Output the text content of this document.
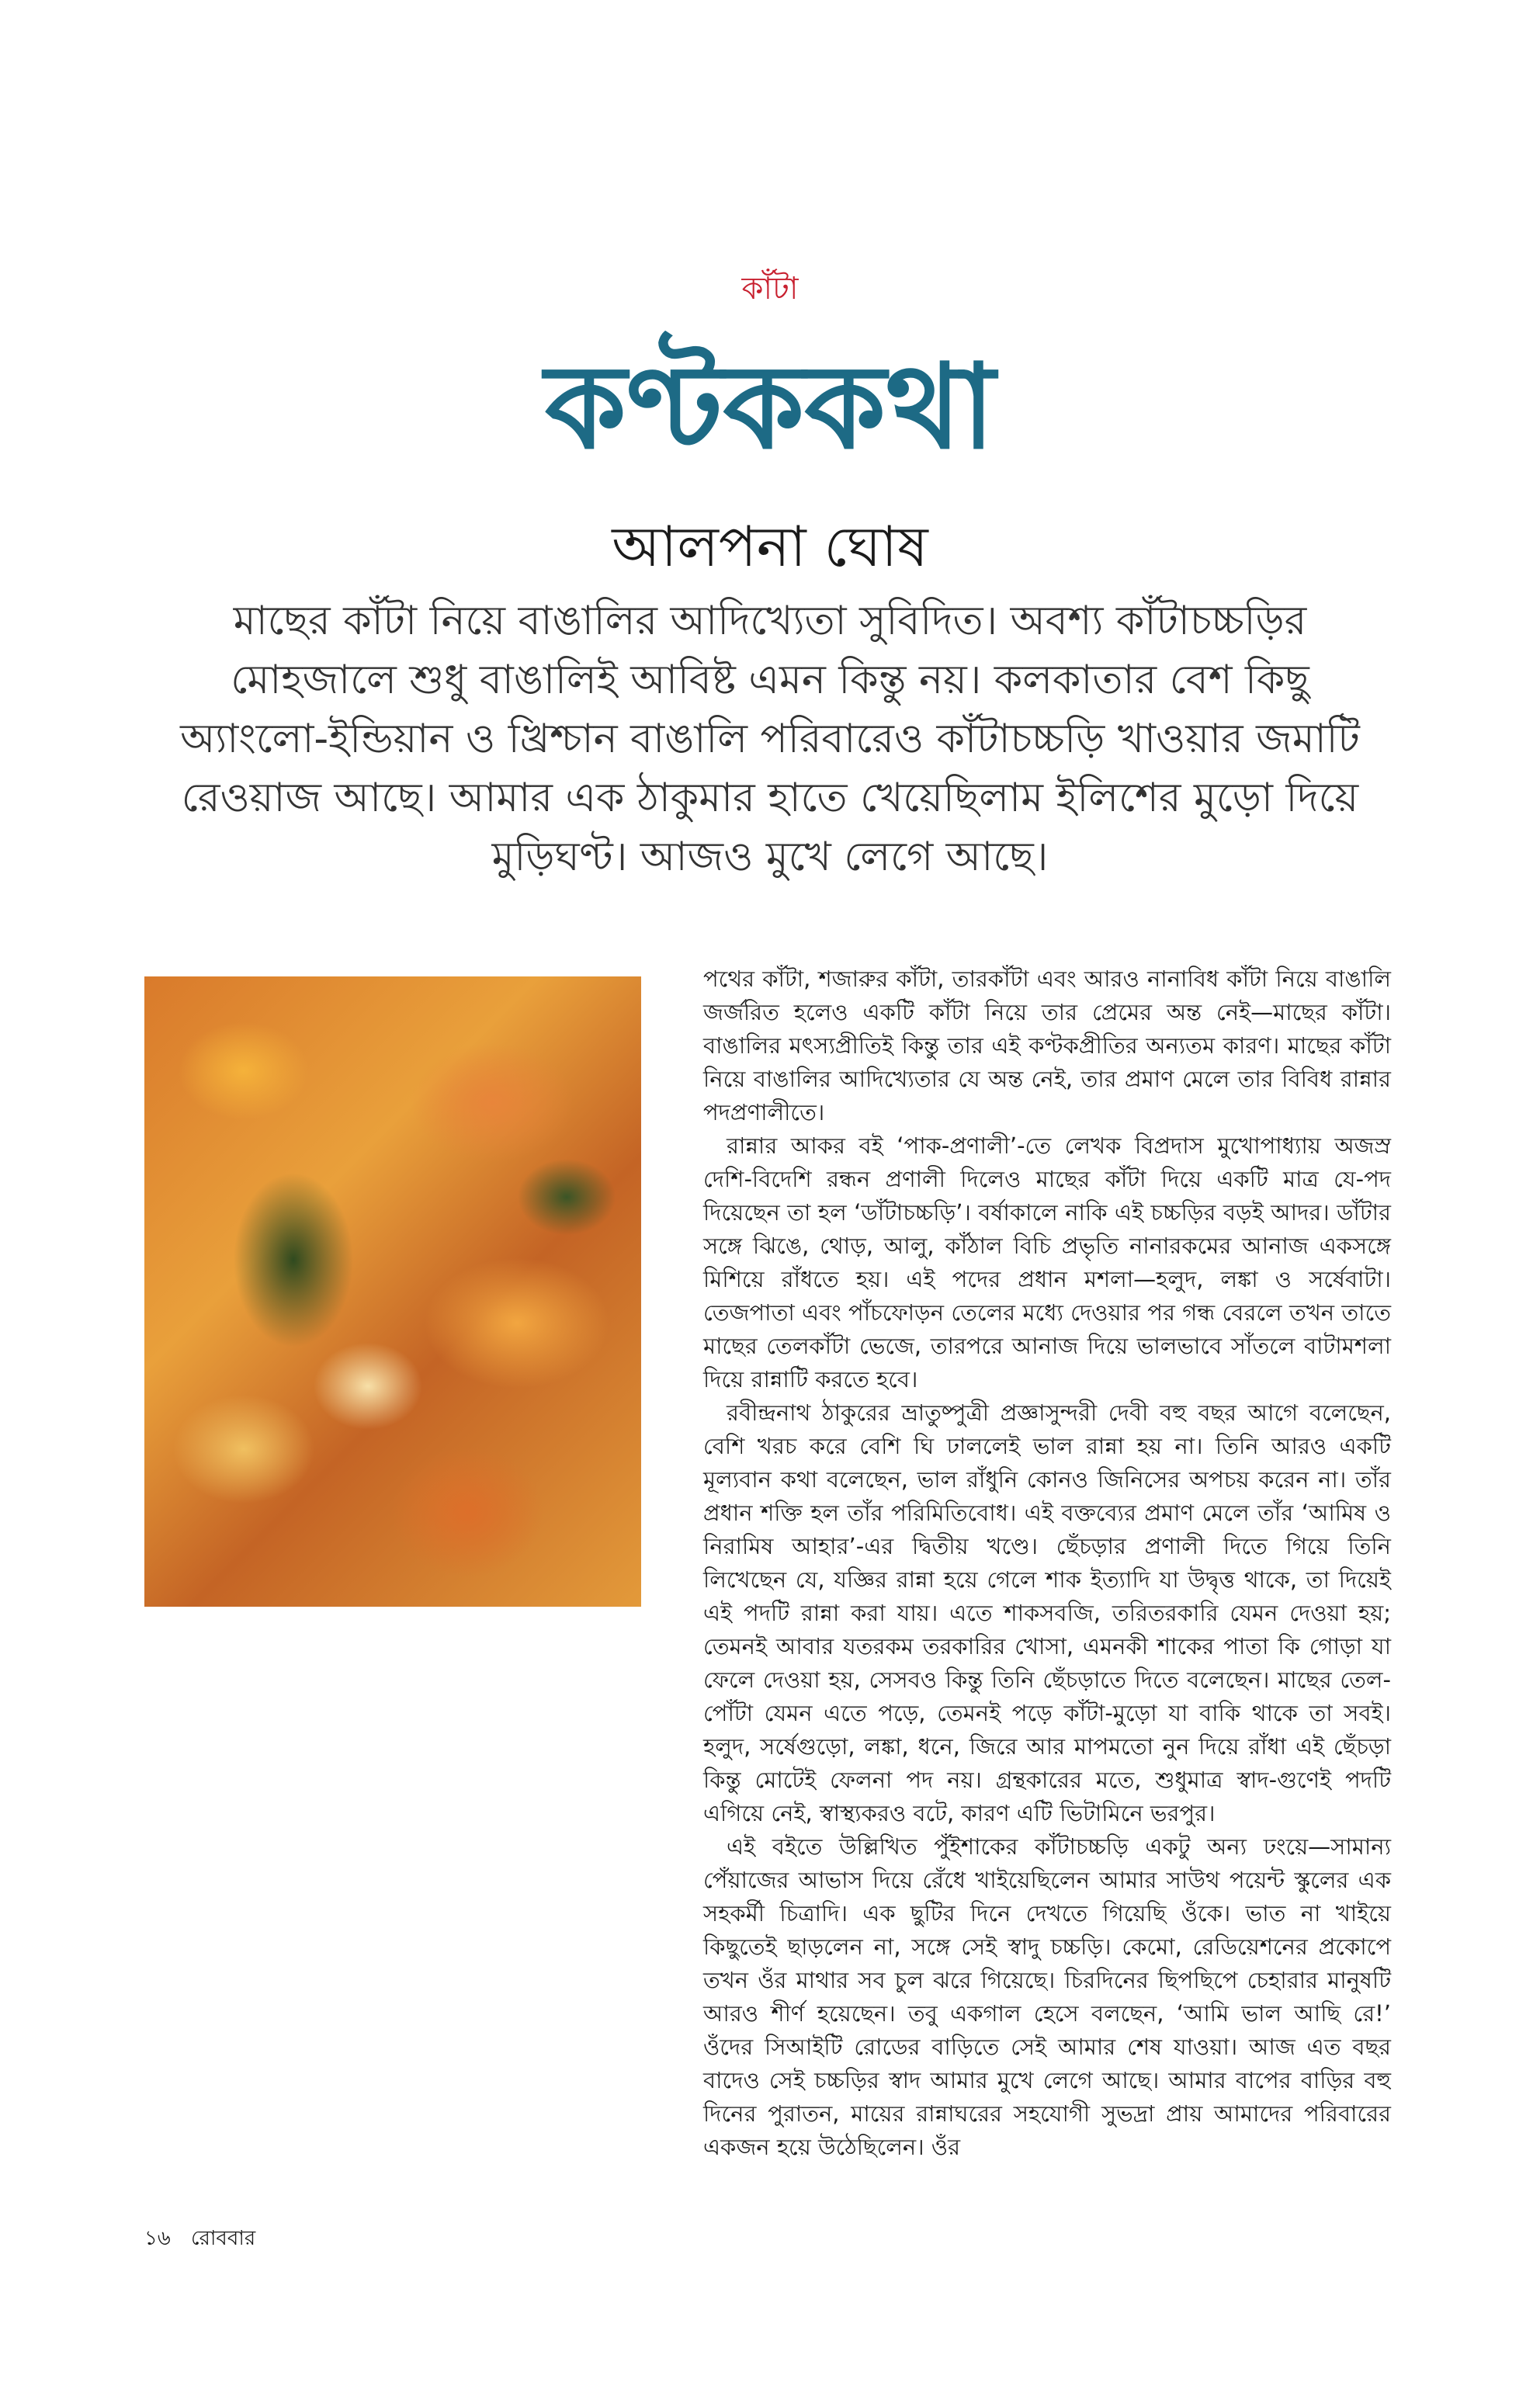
কাঁটা
কণ্টককথা
আলপনা ঘোষ
মাছের কাঁটা নিয়ে বাঙালির আদিখ্যেতা সুবিদিত। অবশ্য কাঁটাচচ্চড়ির মোহজালে শুধু বাঙালিই আবিষ্ট এমন কিন্তু নয়। কলকাতার বেশ কিছু অ্যাংলো-ইন্ডিয়ান ও খ্রিশ্চান বাঙালি পরিবারেও কাঁটাচচ্চড়ি খাওয়ার জমাটি রেওয়াজ আছে। আমার এক ঠাকুমার হাতে খেয়েছিলাম ইলিশের মুড়ো দিয়ে মুড়িঘণ্ট। আজও মুখে লেগে আছে।

পথের কাঁটা, শজারুর কাঁটা, তারকাঁটা এবং আরও নানাবিধ কাঁটা নিয়ে বাঙালি জর্জরিত হলেও একটি কাঁটা নিয়ে তার প্রেমের অন্ত নেই—মাছের কাঁটা। বাঙালির মৎস্যপ্রীতিই কিন্তু তার এই কণ্টকপ্রীতির অন্যতম কারণ। মাছের কাঁটা নিয়ে বাঙালির আদিখ্যেতার যে অন্ত নেই, তার প্রমাণ মেলে তার বিবিধ রান্নার পদপ্রণালীতে।

রান্নার আকর বই ‘পাক-প্রণালী’-তে লেখক বিপ্রদাস মুখোপাধ্যায় অজস্র দেশি-বিদেশি রন্ধন প্রণালী দিলেও মাছের কাঁটা দিয়ে একটি মাত্র যে-পদ দিয়েছেন তা হল ‘ডাঁটাচচ্চড়ি’। বর্ষাকালে নাকি এই চচ্চড়ির বড়ই আদর। ডাঁটার সঙ্গে ঝিঙে, থোড়, আলু, কাঁঠাল বিচি প্রভৃতি নানারকমের আনাজ একসঙ্গে মিশিয়ে রাঁধতে হয়। এই পদের প্রধান মশলা—হলুদ, লঙ্কা ও সর্ষেবাটা। তেজপাতা এবং পাঁচফোড়ন তেলের মধ্যে দেওয়ার পর গন্ধ বেরলে তখন তাতে মাছের তেলকাঁটা ভেজে, তারপরে আনাজ দিয়ে ভালভাবে সাঁতলে বাটামশলা দিয়ে রান্নাটি করতে হবে।

রবীন্দ্রনাথ ঠাকুরের ভ্রাতুষ্পুত্রী প্রজ্ঞাসুন্দরী দেবী বহু বছর আগে বলেছেন, বেশি খরচ করে বেশি ঘি ঢাললেই ভাল রান্না হয় না। তিনি আরও একটি মূল্যবান কথা বলেছেন, ভাল রাঁধুনি কোনও জিনিসের অপচয় করেন না। তাঁর প্রধান শক্তি হল তাঁর পরিমিতিবোধ। এই বক্তব্যের প্রমাণ মেলে তাঁর ‘আমিষ ও নিরামিষ আহার’-এর দ্বিতীয় খণ্ডে। ছেঁচড়ার প্রণালী দিতে গিয়ে তিনি লিখেছেন যে, যজ্ঞির রান্না হয়ে গেলে শাক ইত্যাদি যা উদ্বৃত্ত থাকে, তা দিয়েই এই পদটি রান্না করা যায়। এতে শাকসবজি, তরিতরকারি যেমন দেওয়া হয়; তেমনই আবার যতরকম তরকারির খোসা, এমনকী শাকের পাতা কি গোড়া যা ফেলে দেওয়া হয়, সেসবও কিন্তু তিনি ছেঁচড়াতে দিতে বলেছেন। মাছের তেল-পোঁটা যেমন এতে পড়ে, তেমনই পড়ে কাঁটা-মুড়ো যা বাকি থাকে তা সবই। হলুদ, সর্ষেগুড়ো, লঙ্কা, ধনে, জিরে আর মাপমতো নুন দিয়ে রাঁধা এই ছেঁচড়া কিন্তু মোটেই ফেলনা পদ নয়। গ্রন্থকারের মতে, শুধুমাত্র স্বাদ-গুণেই পদটি এগিয়ে নেই, স্বাস্থ্যকরও বটে, কারণ এটি ভিটামিনে ভরপুর।

এই বইতে উল্লিখিত পুঁইশাকের কাঁটাচচ্চড়ি একটু অন্য ঢংয়ে—সামান্য পেঁয়াজের আভাস দিয়ে রেঁধে খাইয়েছিলেন আমার সাউথ পয়েন্ট স্কুলের এক সহকর্মী চিত্রাদি। এক ছুটির দিনে দেখতে গিয়েছি ওঁকে। ভাত না খাইয়ে কিছুতেই ছাড়লেন না, সঙ্গে সেই স্বাদু চচ্চড়ি। কেমো, রেডিয়েশনের প্রকোপে তখন ওঁর মাথার সব চুল ঝরে গিয়েছে। চিরদিনের ছিপছিপে চেহারার মানুষটি আরও শীর্ণ হয়েছেন। তবু একগাল হেসে বলছেন, ‘আমি ভাল আছি রে!’ ওঁদের সিআইটি রোডের বাড়িতে সেই আমার শেষ যাওয়া। আজ এত বছর বাদেও সেই চচ্চড়ির স্বাদ আমার মুখে লেগে আছে। আমার বাপের বাড়ির বহু দিনের পুরাতন, মায়ের রান্নাঘরের সহযোগী সুভদ্রা প্রায় আমাদের পরিবারের একজন হয়ে উঠেছিলেন। ওঁর

১৬ রোববার
